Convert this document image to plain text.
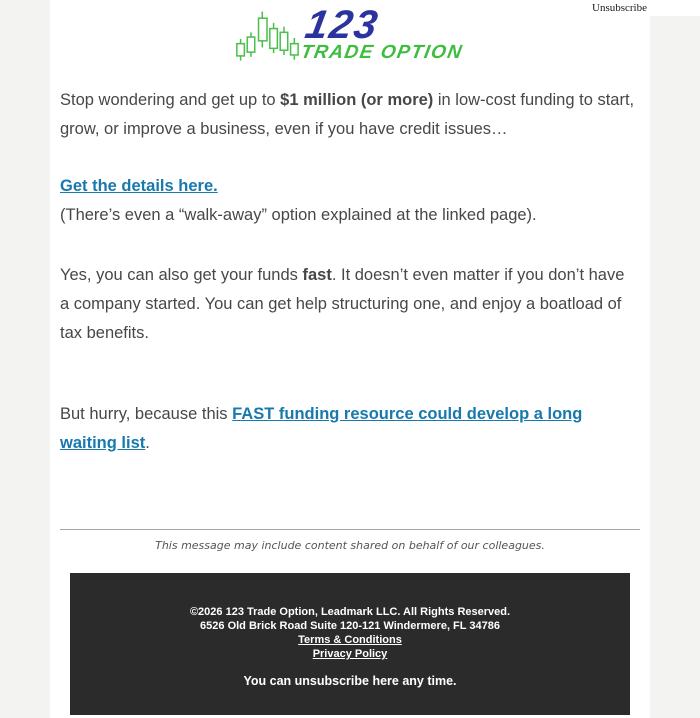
Unsubscribe
123
TRADE OPTION

Stop wondering and get up to $1 million (or more) in low-cost funding to start, grow, or improve a business, even if you have credit issues…

Get the details here.
(There’s even a “walk-away” option explained at the linked page).

Yes, you can also get your funds fast. It doesn’t even matter if you don’t have a company started. You can get help structuring one, and enjoy a boatload of tax benefits.

But hurry, because this FAST funding resource could develop a long waiting list.

This message may include content shared on behalf of our colleagues.
©2026 123 Trade Option, Leadmark LLC. All Rights Reserved.
6526 Old Brick Road Suite 120-121 Windermere, FL 34786
Terms & Conditions
Privacy Policy
You can unsubscribe here any time.
